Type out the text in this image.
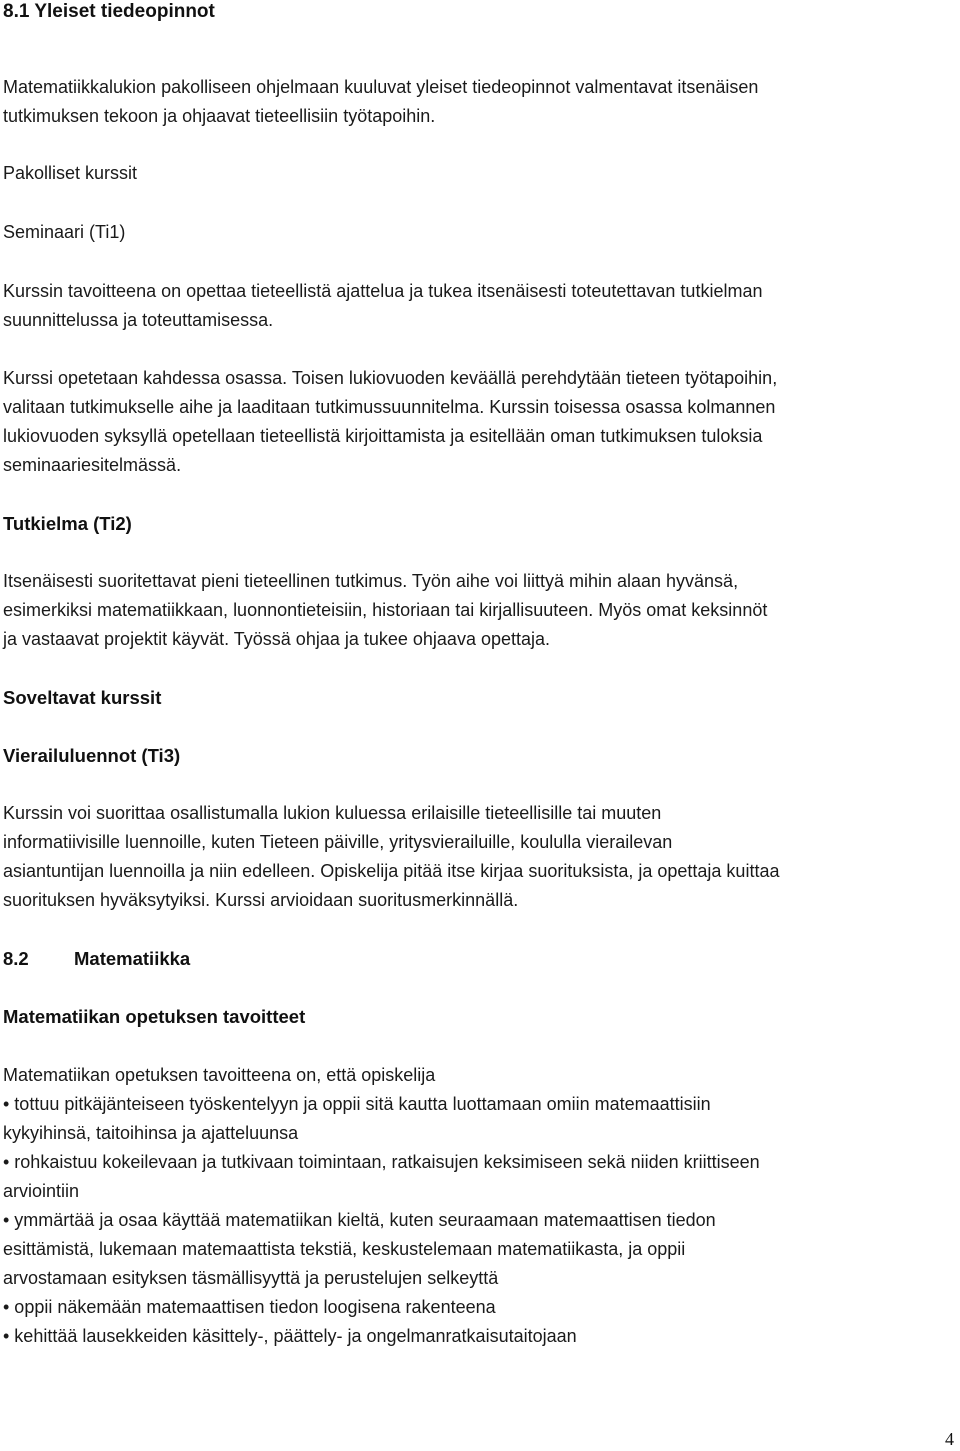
8.1 Yleiset tiedeopinnot
Matematiikkalukion pakolliseen ohjelmaan kuuluvat yleiset tiedeopinnot valmentavat itsenäisen
tutkimuksen tekoon ja ohjaavat tieteellisiin työtapoihin.
Pakolliset kurssit
Seminaari (Ti1)
Kurssin tavoitteena on opettaa tieteellistä ajattelua ja tukea itsenäisesti toteutettavan tutkielman
suunnittelussa ja toteuttamisessa.
Kurssi opetetaan kahdessa osassa. Toisen lukiovuoden keväällä perehdytään tieteen työtapoihin,
valitaan tutkimukselle aihe ja laaditaan tutkimussuunnitelma. Kurssin toisessa osassa kolmannen
lukiovuoden syksyllä opetellaan tieteellistä kirjoittamista ja esitellään oman tutkimuksen tuloksia
seminaariesitelmässä.
Tutkielma (Ti2)
Itsenäisesti suoritettavat pieni tieteellinen tutkimus. Työn aihe voi liittyä mihin alaan hyvänsä,
esimerkiksi matematiikkaan, luonnontieteisiin, historiaan tai kirjallisuuteen. Myös omat keksinnöt
ja vastaavat projektit käyvät. Työssä ohjaa ja tukee ohjaava opettaja.
Soveltavat kurssit
Vierailuluennot (Ti3)
Kurssin voi suorittaa osallistumalla lukion kuluessa erilaisille tieteellisille tai muuten
informatiivisille luennoille, kuten Tieteen päiville, yritysvierailuille, koululla vierailevan
asiantuntijan luennoilla ja niin edelleen. Opiskelija pitää itse kirjaa suorituksista, ja opettaja kuittaa
suorituksen hyväksytyiksi. Kurssi arvioidaan suoritusmerkinnällä.
8.2 Matematiikka
Matematiikan opetuksen tavoitteet
Matematiikan opetuksen tavoitteena on, että opiskelija
• tottuu pitkäjänteiseen työskentelyyn ja oppii sitä kautta luottamaan omiin matemaattisiin
kykyihinsä, taitoihinsa ja ajatteluunsa
• rohkaistuu kokeilevaan ja tutkivaan toimintaan, ratkaisujen keksimiseen sekä niiden kriittiseen
arviointiin
• ymmärtää ja osaa käyttää matematiikan kieltä, kuten seuraamaan matemaattisen tiedon
esittämistä, lukemaan matemaattista tekstiä, keskustelemaan matematiikasta, ja oppii
arvostamaan esityksen täsmällisyyttä ja perustelujen selkeyttä
• oppii näkemään matemaattisen tiedon loogisena rakenteena
• kehittää lausekkeiden käsittely-, päättely- ja ongelmanratkaisutaitojaan
4
